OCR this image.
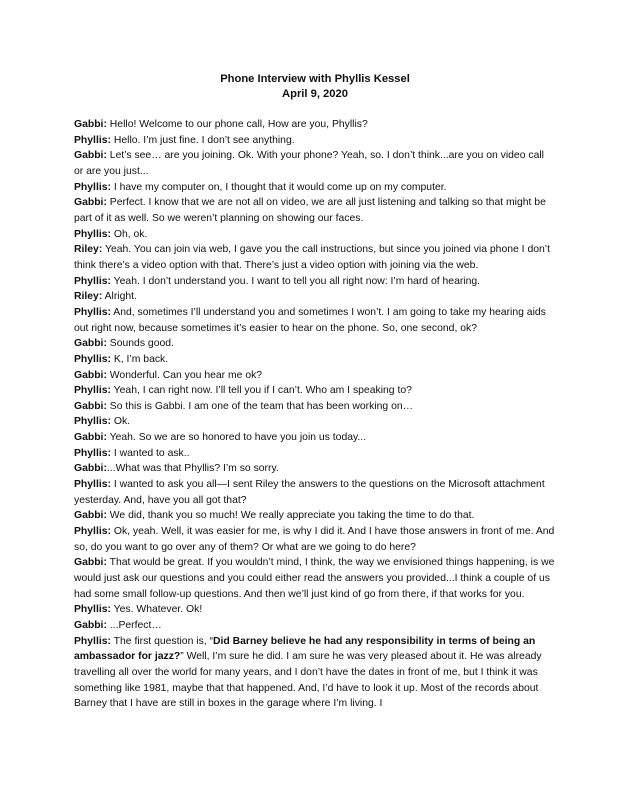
Phone Interview with Phyllis Kessel
April 9, 2020

Gabbi: Hello! Welcome to our phone call, How are you, Phyllis?

Phyllis: Hello. I’m just fine. I don’t see anything.

Gabbi: Let’s see… are you joining. Ok. With your phone? Yeah, so. I don’t think...are you on video call or are you just...

Phyllis: I have my computer on, I thought that it would come up on my computer.

Gabbi: Perfect. I know that we are not all on video, we are all just listening and talking so that might be part of it as well. So we weren’t planning on showing our faces.

Phyllis: Oh, ok.

Riley: Yeah. You can join via web, I gave you the call instructions, but since you joined via phone I don’t think there’s a video option with that. There’s just a video option with joining via the web.

Phyllis: Yeah. I don’t understand you. I want to tell you all right now: I’m hard of hearing.

Riley: Alright.

Phyllis: And, sometimes I’ll understand you and sometimes I won’t. I am going to take my hearing aids out right now, because sometimes it’s easier to hear on the phone. So, one second, ok?

Gabbi: Sounds good.

Phyllis: K, I’m back.

Gabbi: Wonderful. Can you hear me ok?

Phyllis: Yeah, I can right now. I’ll tell you if I can’t. Who am I speaking to?

Gabbi: So this is Gabbi. I am one of the team that has been working on…

Phyllis: Ok.

Gabbi: Yeah. So we are so honored to have you join us today...

Phyllis: I wanted to ask..

Gabbi:...What was that Phyllis? I’m so sorry.

Phyllis: I wanted to ask you all—I sent Riley the answers to the questions on the Microsoft attachment yesterday. And, have you all got that?

Gabbi: We did, thank you so much! We really appreciate you taking the time to do that.

Phyllis: Ok, yeah. Well, it was easier for me, is why I did it. And I have those answers in front of me. And so, do you want to go over any of them? Or what are we going to do here?

Gabbi: That would be great. If you wouldn’t mind, I think, the way we envisioned things happening, is we would just ask our questions and you could either read the answers you provided...I think a couple of us had some small follow-up questions. And then we’ll just kind of go from there, if that works for you.

Phyllis: Yes. Whatever. Ok!

Gabbi: ...Perfect…

Phyllis: The first question is, “Did Barney believe he had any responsibility in terms of being an ambassador for jazz?” Well, I’m sure he did. I am sure he was very pleased about it. He was already travelling all over the world for many years, and I don’t have the dates in front of me, but I think it was something like 1981, maybe that that happened. And, I’d have to look it up. Most of the records about Barney that I have are still in boxes in the garage where I’m living. I
